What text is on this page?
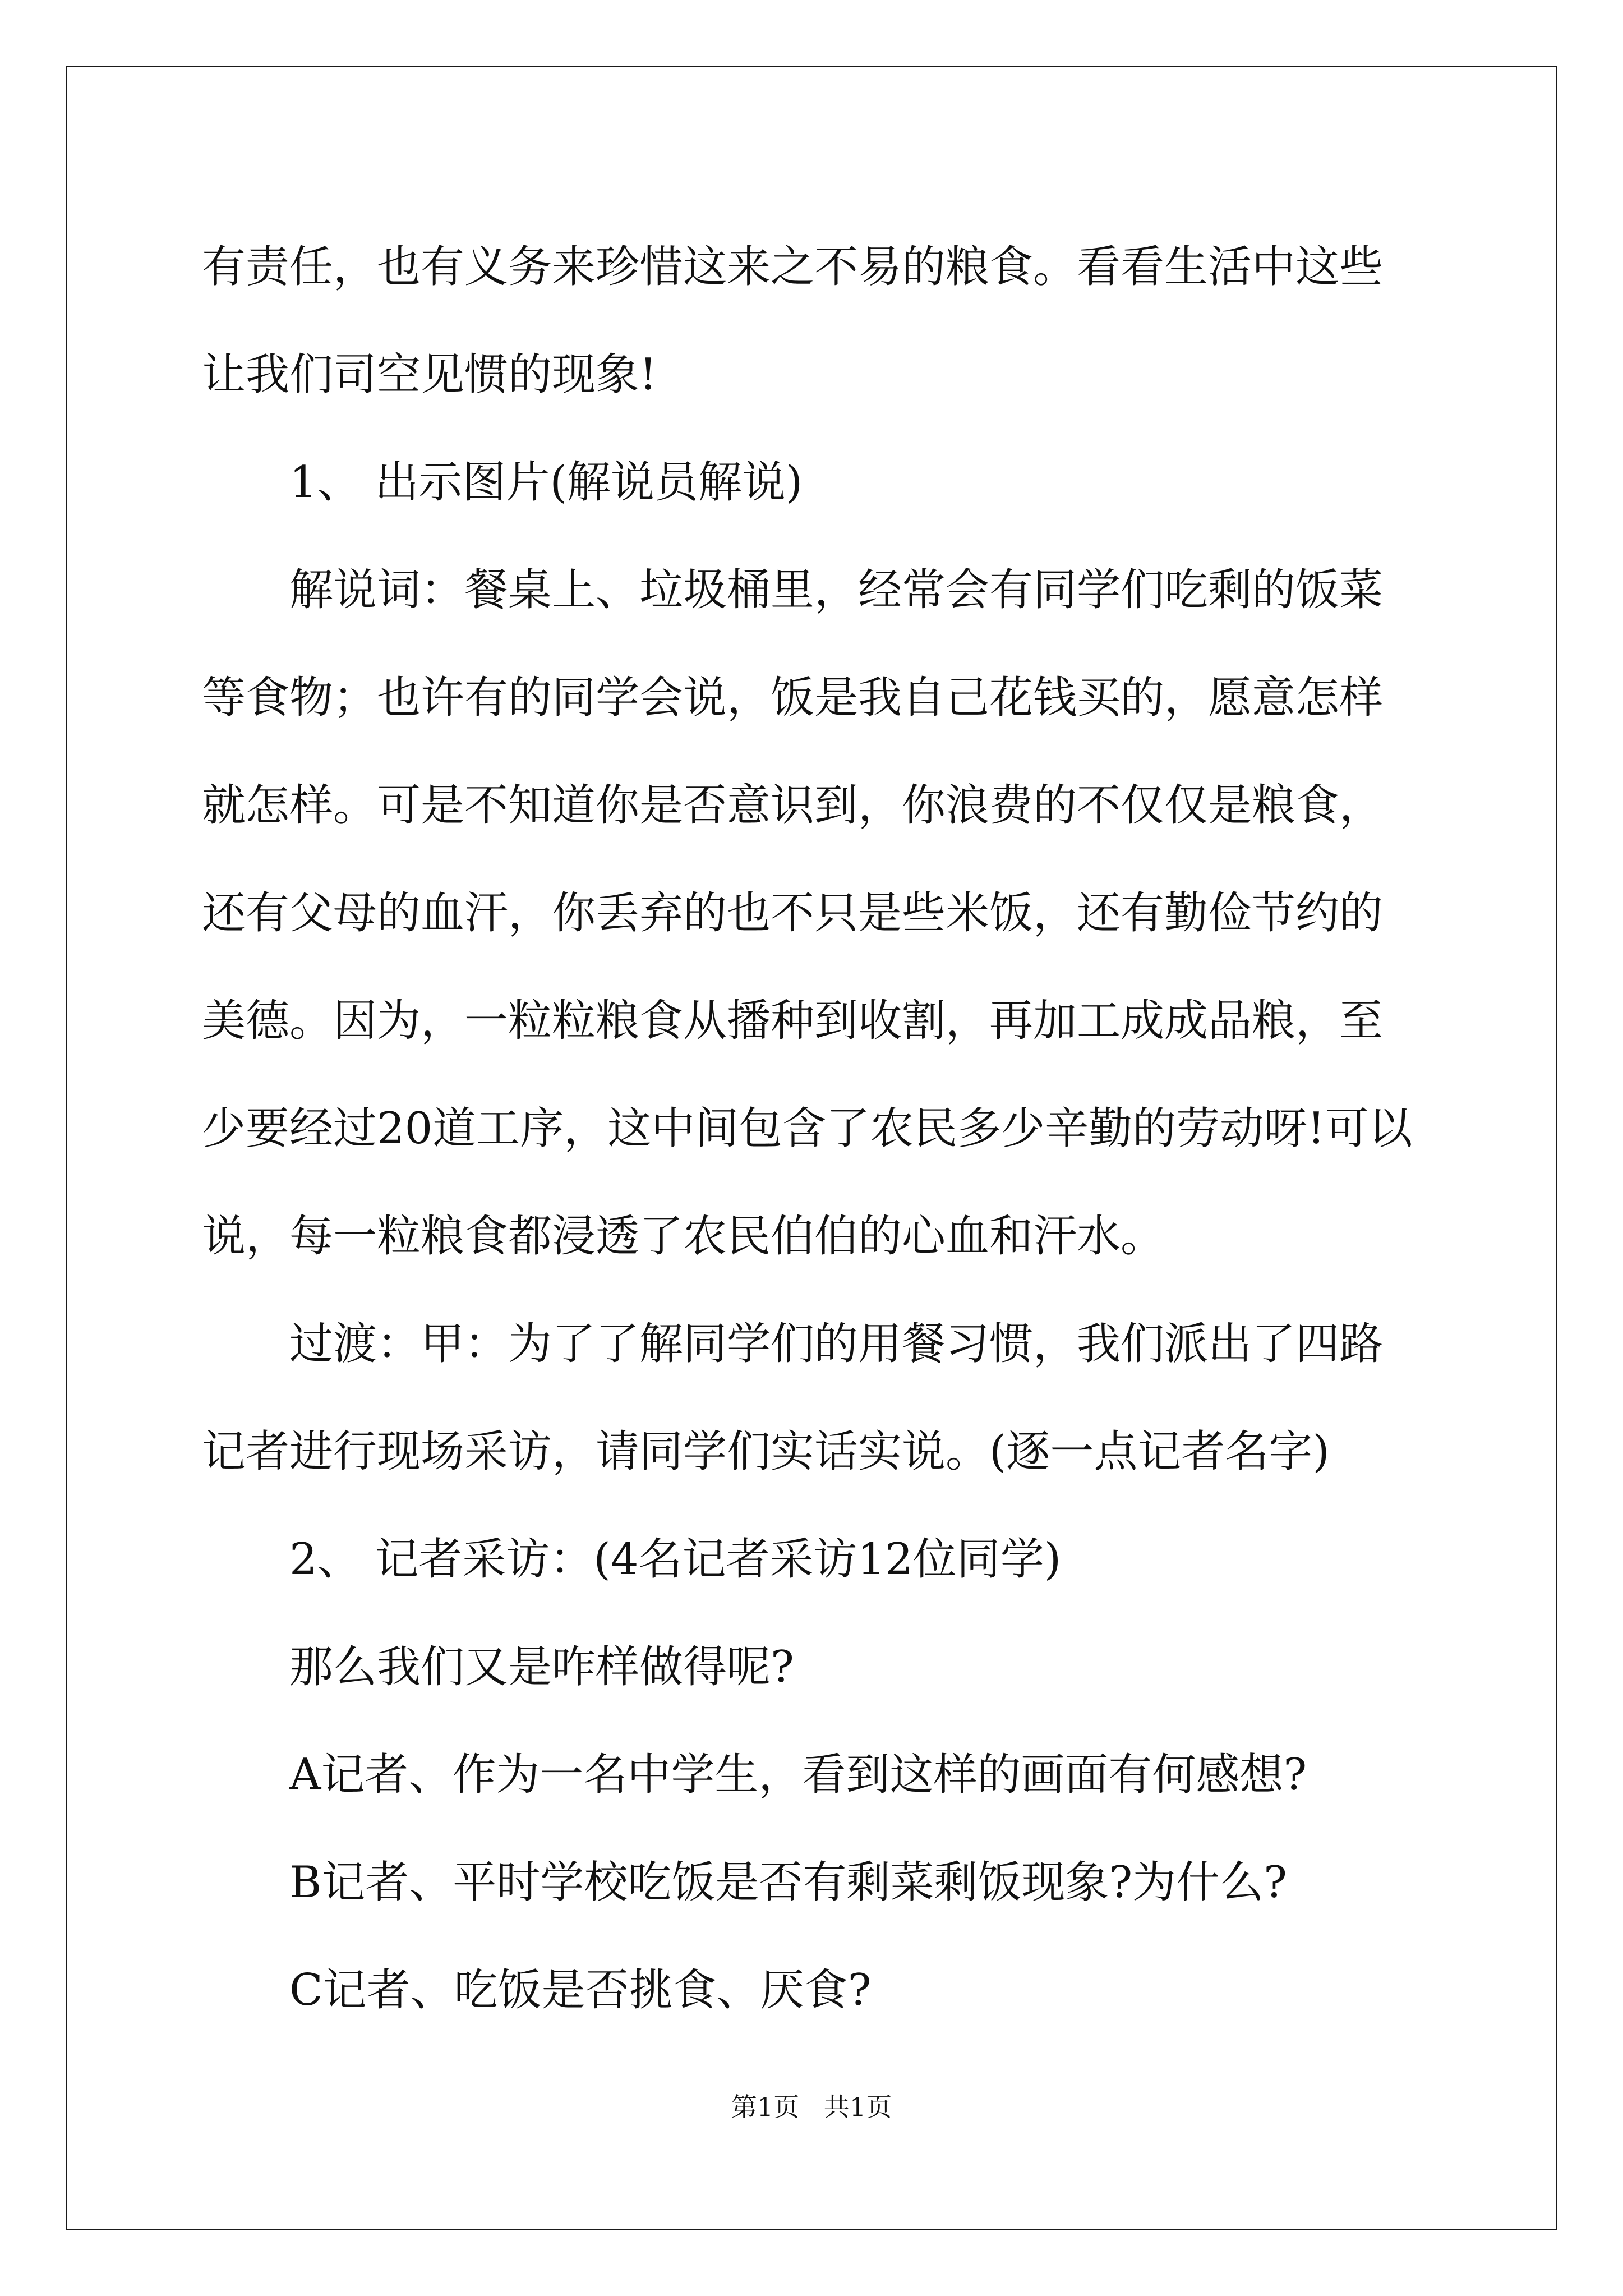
有责任，也有义务来珍惜这来之不易的粮食。看看生活中这些让我们司空见惯的现象!

1、 出示图片(解说员解说)

解说词：餐桌上、垃圾桶里，经常会有同学们吃剩的饭菜等食物；也许有的同学会说，饭是我自己花钱买的，愿意怎样就怎样。可是不知道你是否意识到，你浪费的不仅仅是粮食，还有父母的血汗，你丢弃的也不只是些米饭，还有勤俭节约的美德。因为，一粒粒粮食从播种到收割，再加工成成品粮，至少要经过20道工序，这中间包含了农民多少辛勤的劳动呀!可以说，每一粒粮食都浸透了农民伯伯的心血和汗水。

过渡：甲：为了了解同学们的用餐习惯，我们派出了四路记者进行现场采访，请同学们实话实说。(逐一点记者名字)

2、 记者采访：(4名记者采访12位同学)

那么我们又是咋样做得呢?

A记者、作为一名中学生，看到这样的画面有何感想?

B记者、平时学校吃饭是否有剩菜剩饭现象?为什么?

C记者、吃饭是否挑食、厌食?

第1页   共1页
